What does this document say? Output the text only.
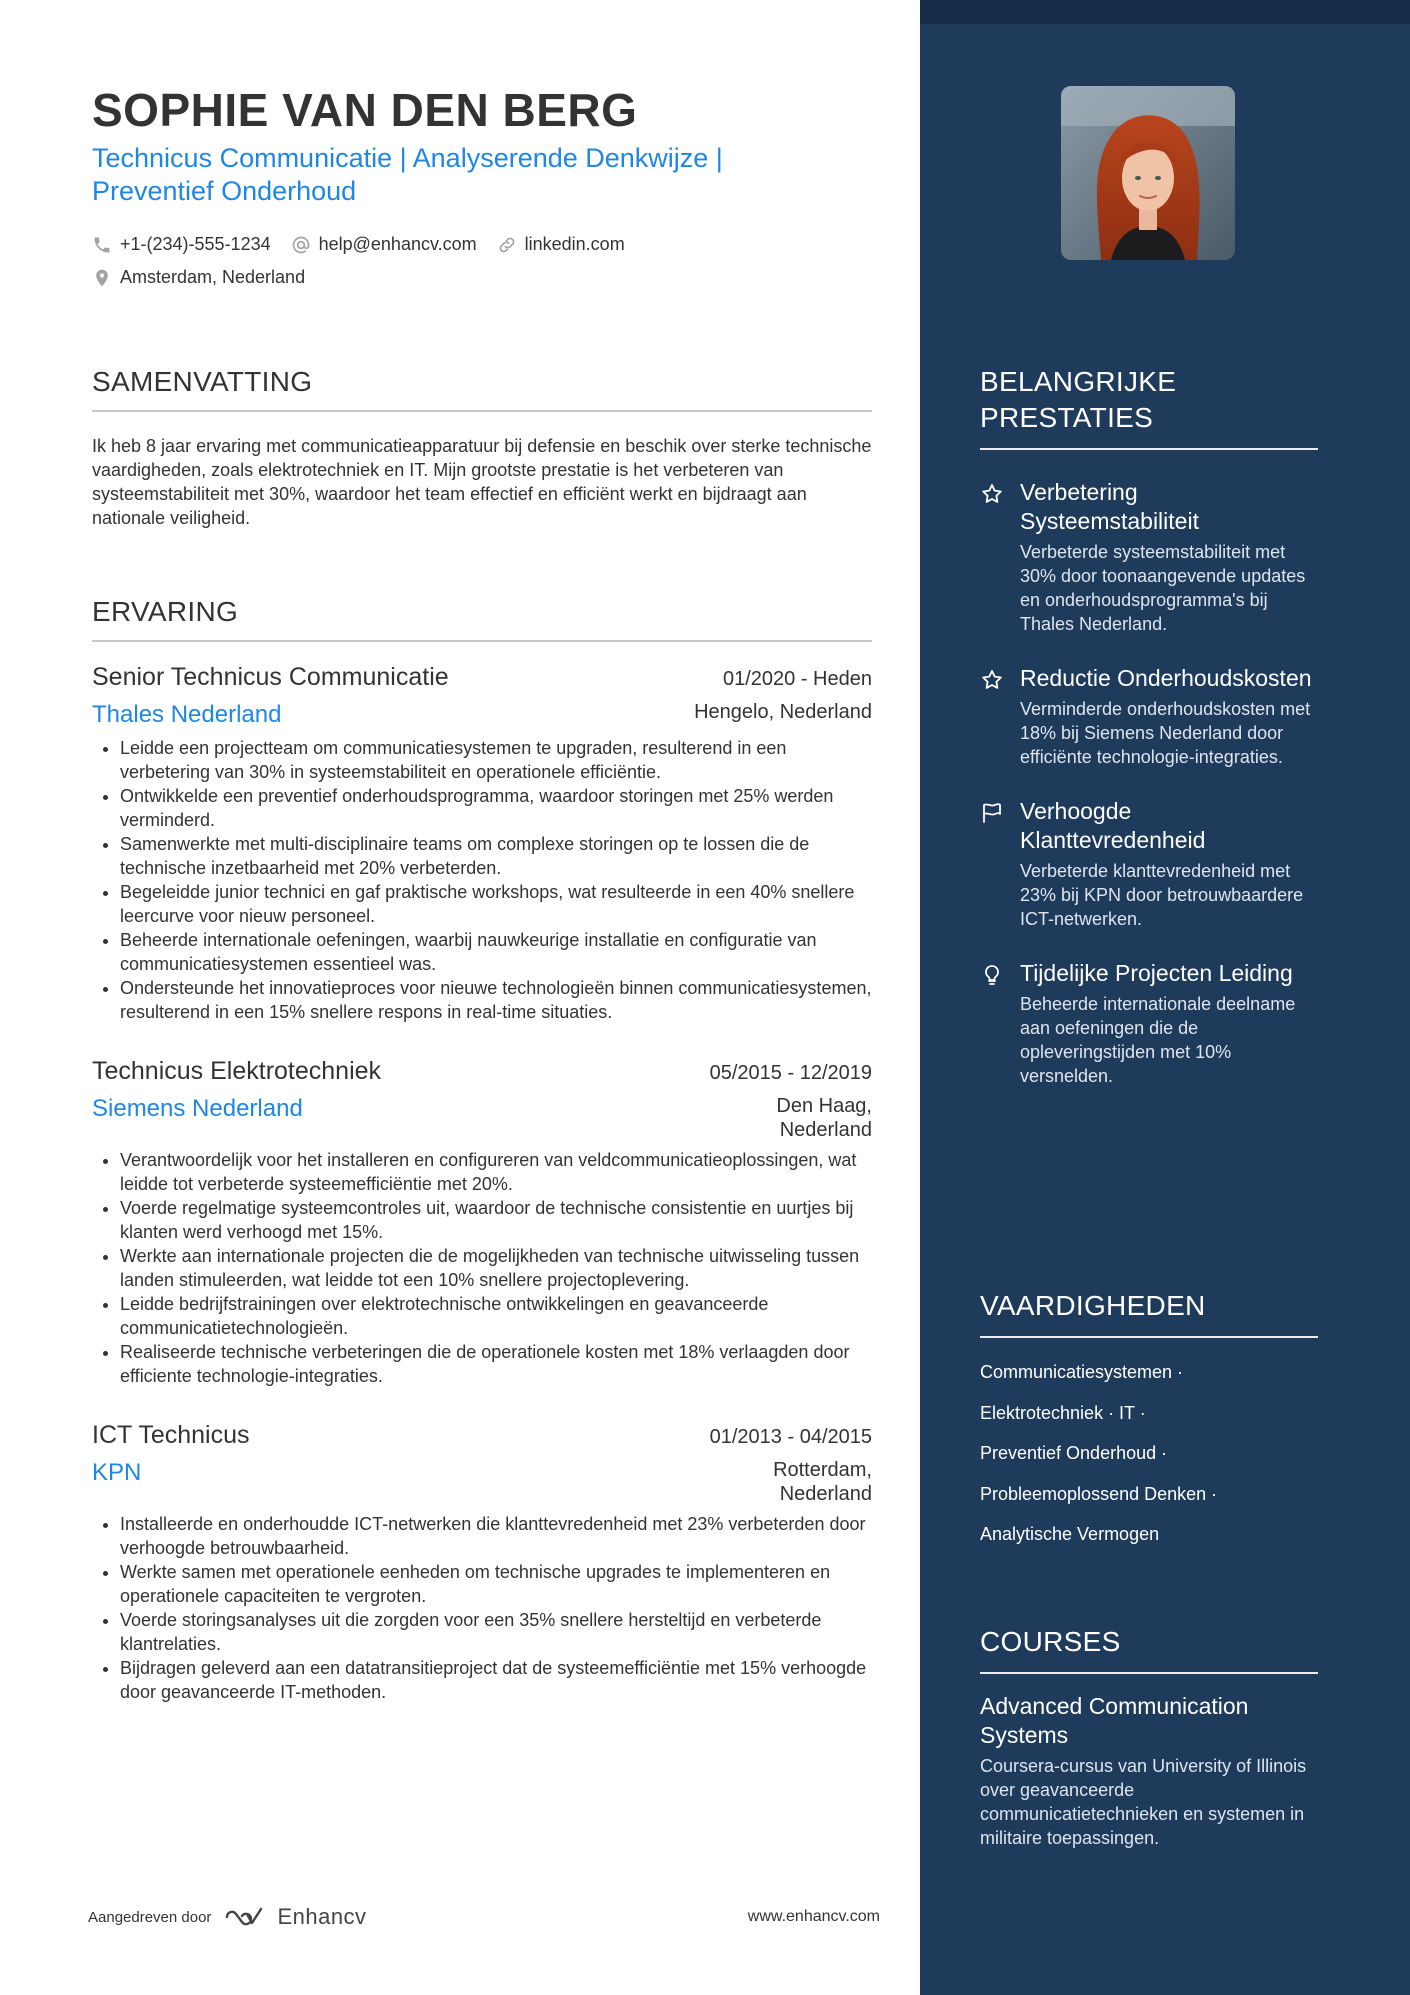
SOPHIE VAN DEN BERG
Technicus Communicatie | Analyserende Denkwijze | Preventief Onderhoud
+1-(234)-555-1234	help@enhancv.com	linkedin.com
Amsterdam, Nederland
SAMENVATTING
Ik heb 8 jaar ervaring met communicatieapparatuur bij defensie en beschik over sterke technische vaardigheden, zoals elektrotechniek en IT. Mijn grootste prestatie is het verbeteren van systeemstabiliteit met 30%, waardoor het team effectief en efficiënt werkt en bijdraagt aan nationale veiligheid.
ERVARING
Senior Technicus Communicatie	01/2020 - Heden
Thales Nederland	Hengelo, Nederland
• Leidde een projectteam om communicatiesystemen te upgraden, resulterend in een verbetering van 30% in systeemstabiliteit en operationele efficiëntie.
• Ontwikkelde een preventief onderhoudsprogramma, waardoor storingen met 25% werden verminderd.
• Samenwerkte met multi-disciplinaire teams om complexe storingen op te lossen die de technische inzetbaarheid met 20% verbeterden.
• Begeleidde junior technici en gaf praktische workshops, wat resulteerde in een 40% snellere leercurve voor nieuw personeel.
• Beheerde internationale oefeningen, waarbij nauwkeurige installatie en configuratie van communicatiesystemen essentieel was.
• Ondersteunde het innovatieproces voor nieuwe technologieën binnen communicatiesystemen, resulterend in een 15% snellere respons in real-time situaties.
Technicus Elektrotechniek	05/2015 - 12/2019
Siemens Nederland	Den Haag, Nederland
• Verantwoordelijk voor het installeren en configureren van veldcommunicatieoplossingen, wat leidde tot verbeterde systeemefficiëntie met 20%.
• Voerde regelmatige systeemcontroles uit, waardoor de technische consistentie en uurtjes bij klanten werd verhoogd met 15%.
• Werkte aan internationale projecten die de mogelijkheden van technische uitwisseling tussen landen stimuleerden, wat leidde tot een 10% snellere projectoplevering.
• Leidde bedrijfstrainingen over elektrotechnische ontwikkelingen en geavanceerde communicatietechnologieën.
• Realiseerde technische verbeteringen die de operationele kosten met 18% verlaagden door efficiente technologie-integraties.
ICT Technicus	01/2013 - 04/2015
KPN	Rotterdam, Nederland
• Installeerde en onderhoudde ICT-netwerken die klanttevredenheid met 23% verbeterden door verhoogde betrouwbaarheid.
• Werkte samen met operationele eenheden om technische upgrades te implementeren en operationele capaciteiten te vergroten.
• Voerde storingsanalyses uit die zorgden voor een 35% snellere hersteltijd en verbeterde klantrelaties.
• Bijdragen geleverd aan een datatransitieproject dat de systeemefficiëntie met 15% verhoogde door geavanceerde IT-methoden.
Aangedreven door	Enhancv	www.enhancv.com
BELANGRIJKE PRESTATIES
Verbetering Systeemstabiliteit
Verbeterde systeemstabiliteit met 30% door toonaangevende updates en onderhoudsprogramma's bij Thales Nederland.
Reductie Onderhoudskosten
Verminderde onderhoudskosten met 18% bij Siemens Nederland door efficiënte technologie-integraties.
Verhoogde Klanttevredenheid
Verbeterde klanttevredenheid met 23% bij KPN door betrouwbaardere ICT-netwerken.
Tijdelijke Projecten Leiding
Beheerde internationale deelname aan oefeningen die de opleveringstijden met 10% versnelden.
VAARDIGHEDEN
Communicatiesystemen ·
Elektrotechniek · IT ·
Preventief Onderhoud ·
Probleemoplossend Denken ·
Analytische Vermogen
COURSES
Advanced Communication Systems
Coursera-cursus van University of Illinois over geavanceerde communicatietechnieken en systemen in militaire toepassingen.
